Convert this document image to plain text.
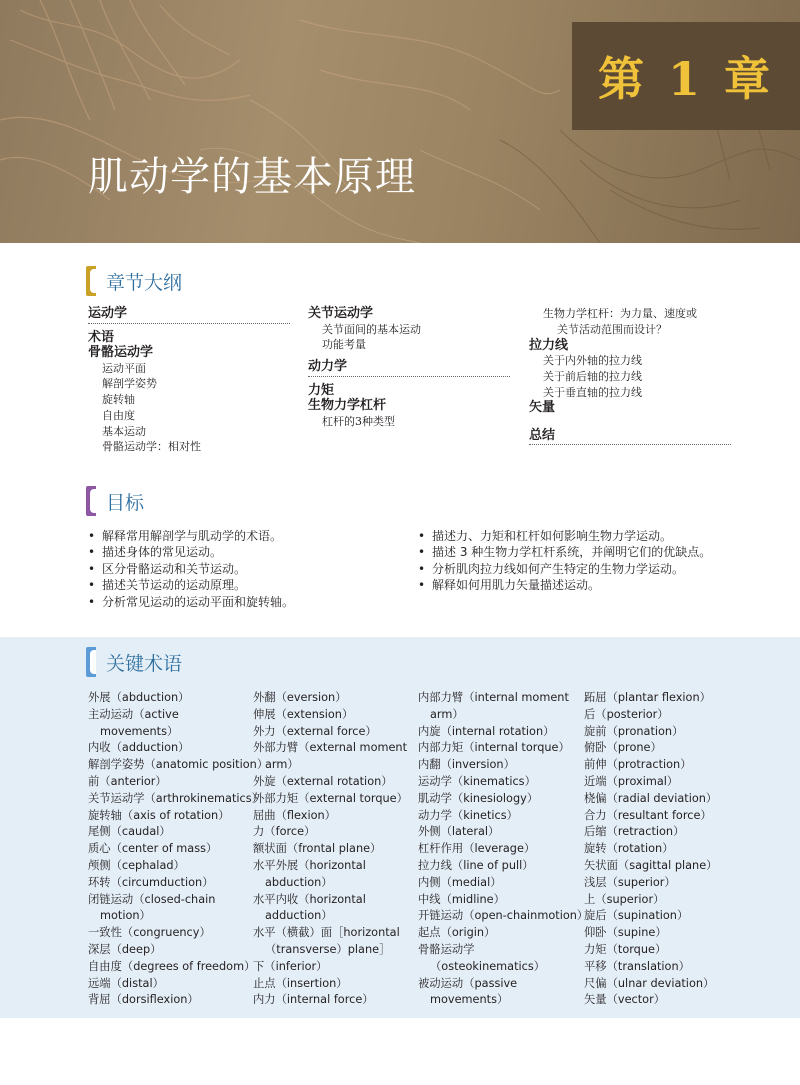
第 1 章
肌动学的基本原理
章节大纲
运动学
术语
骨骼运动学
运动平面
解剖学姿势
旋转轴
自由度
基本运动
骨骼运动学：相对性
关节运动学
关节面间的基本运动
功能考量
动力学
力矩
生物力学杠杆
杠杆的3种类型
生物力学杠杆：为力量、速度或
关节活动范围而设计？
拉力线
关于内外轴的拉力线
关于前后轴的拉力线
关于垂直轴的拉力线
矢量
总结
目标
• 解释常用解剖学与肌动学的术语。
• 描述身体的常见运动。
• 区分骨骼运动和关节运动。
• 描述关节运动的运动原理。
• 分析常见运动的运动平面和旋转轴。
• 描述力、力矩和杠杆如何影响生物力学运动。
• 描述 3 种生物力学杠杆系统，并阐明它们的优缺点。
• 分析肌肉拉力线如何产生特定的生物力学运动。
• 解释如何用肌力矢量描述运动。
关键术语
外展（abduction）
主动运动（active
movements）
内收（adduction）
解剖学姿势（anatomic position）
前（anterior）
关节运动学（arthrokinematics）
旋转轴（axis of rotation）
尾侧（caudal）
质心（center of mass）
颅侧（cephalad）
环转（circumduction）
闭链运动（closed-chain
motion）
一致性（congruency）
深层（deep）
自由度（degrees of freedom）
远端（distal）
背屈（dorsiflexion）
外翻（eversion）
伸展（extension）
外力（external force）
外部力臂（external moment
arm）
外旋（external rotation）
外部力矩（external torque）
屈曲（flexion）
力（force）
额状面（frontal plane）
水平外展（horizontal
abduction）
水平内收（horizontal
adduction）
水平（横截）面［horizontal
（transverse）plane］
下（inferior）
止点（insertion）
内力（internal force）
内部力臂（internal moment
arm）
内旋（internal rotation）
内部力矩（internal torque）
内翻（inversion）
运动学（kinematics）
肌动学（kinesiology）
动力学（kinetics）
外侧（lateral）
杠杆作用（leverage）
拉力线（line of pull）
内侧（medial）
中线（midline）
开链运动（open-chainmotion）
起点（origin）
骨骼运动学
（osteokinematics）
被动运动（passive
movements）
跖屈（plantar flexion）
后（posterior）
旋前（pronation）
俯卧（prone）
前伸（protraction）
近端（proximal）
桡偏（radial deviation）
合力（resultant force）
后缩（retraction）
旋转（rotation）
矢状面（sagittal plane）
浅层（superior）
上（superior）
旋后（supination）
仰卧（supine）
力矩（torque）
平移（translation）
尺偏（ulnar deviation）
矢量（vector）
